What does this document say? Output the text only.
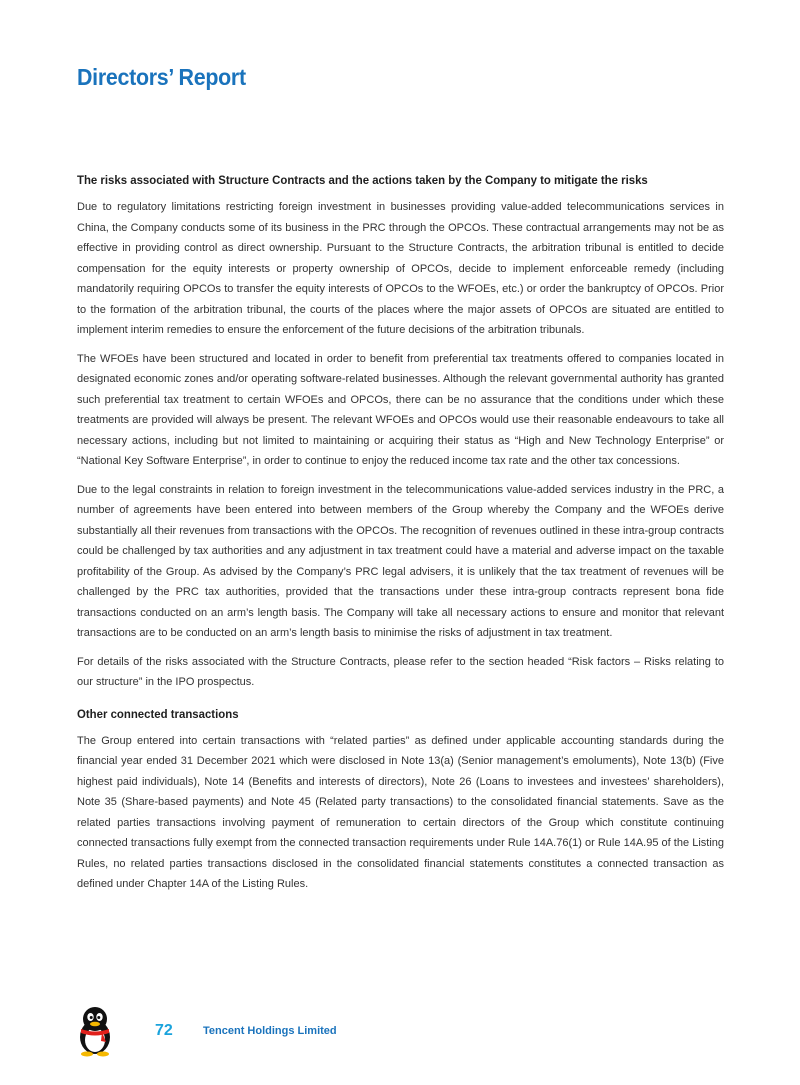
Directors’ Report
The risks associated with Structure Contracts and the actions taken by the Company to mitigate the risks

Due to regulatory limitations restricting foreign investment in businesses providing value-added telecommunications services in China, the Company conducts some of its business in the PRC through the OPCOs. These contractual arrangements may not be as effective in providing control as direct ownership. Pursuant to the Structure Contracts, the arbitration tribunal is entitled to decide compensation for the equity interests or property ownership of OPCOs, decide to implement enforceable remedy (including mandatorily requiring OPCOs to transfer the equity interests of OPCOs to the WFOEs, etc.) or order the bankruptcy of OPCOs. Prior to the formation of the arbitration tribunal, the courts of the places where the major assets of OPCOs are situated are entitled to implement interim remedies to ensure the enforcement of the future decisions of the arbitration tribunals.

The WFOEs have been structured and located in order to benefit from preferential tax treatments offered to companies located in designated economic zones and/or operating software-related businesses. Although the relevant governmental authority has granted such preferential tax treatment to certain WFOEs and OPCOs, there can be no assurance that the conditions under which these treatments are provided will always be present. The relevant WFOEs and OPCOs would use their reasonable endeavours to take all necessary actions, including but not limited to maintaining or acquiring their status as “High and New Technology Enterprise” or “National Key Software Enterprise”, in order to continue to enjoy the reduced income tax rate and the other tax concessions.

Due to the legal constraints in relation to foreign investment in the telecommunications value-added services industry in the PRC, a number of agreements have been entered into between members of the Group whereby the Company and the WFOEs derive substantially all their revenues from transactions with the OPCOs. The recognition of revenues outlined in these intra-group contracts could be challenged by tax authorities and any adjustment in tax treatment could have a material and adverse impact on the taxable profitability of the Group. As advised by the Company’s PRC legal advisers, it is unlikely that the tax treatment of revenues will be challenged by the PRC tax authorities, provided that the transactions under these intra-group contracts represent bona fide transactions conducted on an arm’s length basis. The Company will take all necessary actions to ensure and monitor that relevant transactions are to be conducted on an arm’s length basis to minimise the risks of adjustment in tax treatment.

For details of the risks associated with the Structure Contracts, please refer to the section headed “Risk factors – Risks relating to our structure” in the IPO prospectus.

Other connected transactions

The Group entered into certain transactions with “related parties” as defined under applicable accounting standards during the financial year ended 31 December 2021 which were disclosed in Note 13(a) (Senior management’s emoluments), Note 13(b) (Five highest paid individuals), Note 14 (Benefits and interests of directors), Note 26 (Loans to investees and investees’ shareholders), Note 35 (Share-based payments) and Note 45 (Related party transactions) to the consolidated financial statements. Save as the related parties transactions involving payment of remuneration to certain directors of the Group which constitute continuing connected transactions fully exempt from the connected transaction requirements under Rule 14A.76(1) or Rule 14A.95 of the Listing Rules, no related parties transactions disclosed in the consolidated financial statements constitutes a connected transaction as defined under Chapter 14A of the Listing Rules.

72	Tencent Holdings Limited
